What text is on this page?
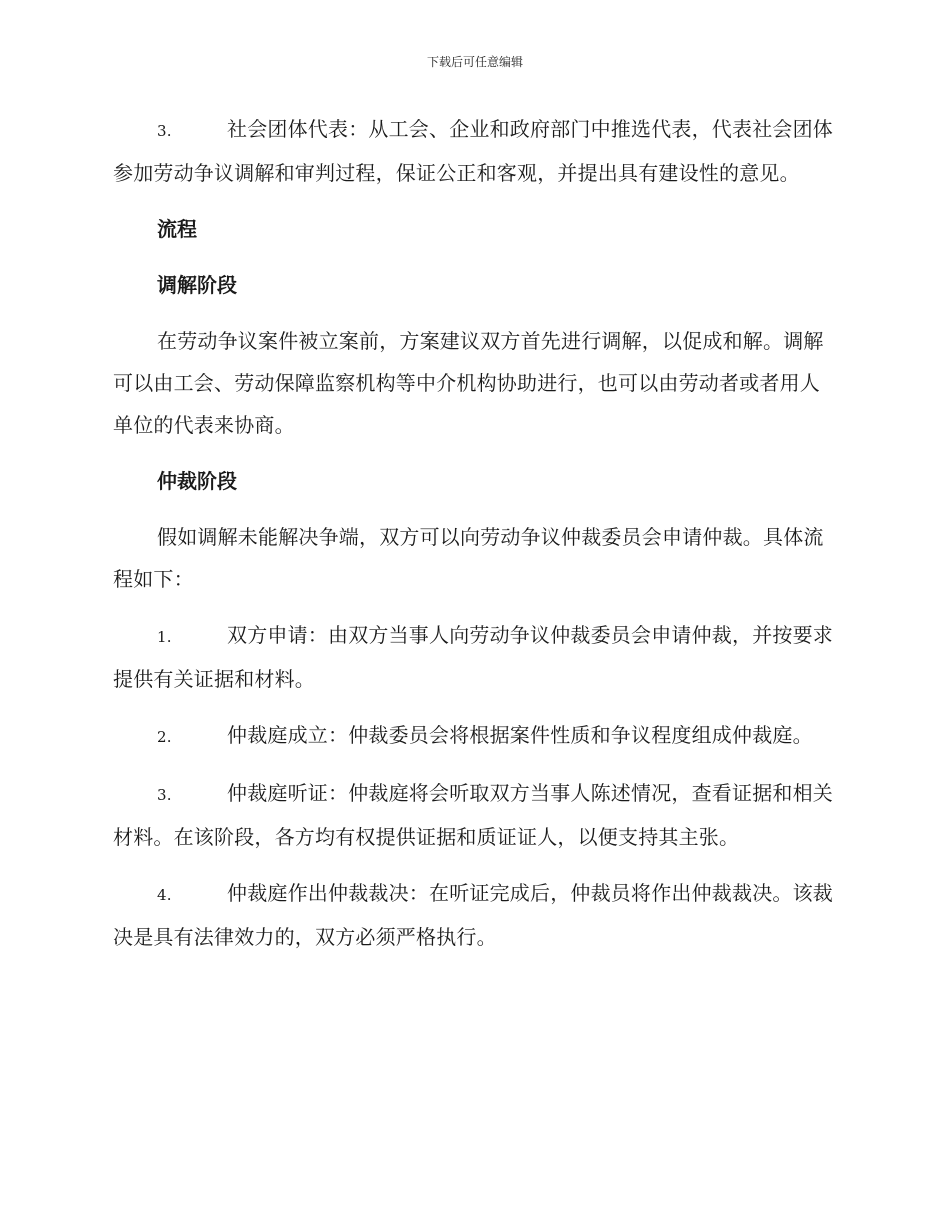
下载后可任意编辑

3.	社会团体代表：从工会、企业和政府部门中推选代表，代表社会团体参加劳动争议调解和审判过程，保证公正和客观，并提出具有建设性的意见。

流程

调解阶段

在劳动争议案件被立案前，方案建议双方首先进行调解，以促成和解。调解可以由工会、劳动保障监察机构等中介机构协助进行，也可以由劳动者或者用人单位的代表来协商。

仲裁阶段

假如调解未能解决争端，双方可以向劳动争议仲裁委员会申请仲裁。具体流程如下：

1.	双方申请：由双方当事人向劳动争议仲裁委员会申请仲裁，并按要求提供有关证据和材料。

2.	仲裁庭成立：仲裁委员会将根据案件性质和争议程度组成仲裁庭。

3.	仲裁庭听证：仲裁庭将会听取双方当事人陈述情况，查看证据和相关材料。在该阶段，各方均有权提供证据和质证证人，以便支持其主张。

4.	仲裁庭作出仲裁裁决：在听证完成后，仲裁员将作出仲裁裁决。该裁决是具有法律效力的，双方必须严格执行。
